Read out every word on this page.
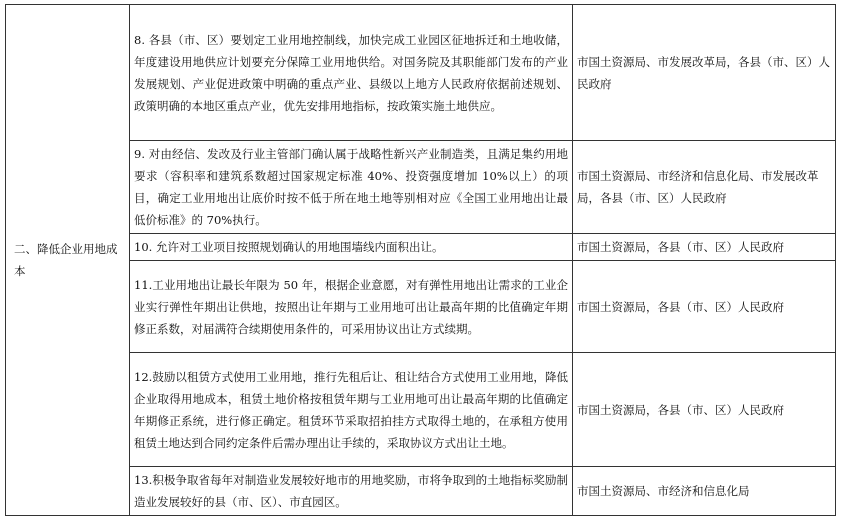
二、降低企业用地成本	8. 各县（市、区）要划定工业用地控制线，加快完成工业园区征地拆迁和土地收储，年度建设用地供应计划要充分保障工业用地供给。对国务院及其职能部门发布的产业发展规划、产业促进政策中明确的重点产业、县级以上地方人民政府依据前述规划、政策明确的本地区重点产业，优先安排用地指标，按政策实施土地供应。	市国土资源局、市发展改革局，各县（市、区）人民政府

	9. 对由经信、发改及行业主管部门确认属于战略性新兴产业制造类，且满足集约用地要求（容积率和建筑系数超过国家规定标准 40%、投资强度增加 10%以上）的项目，确定工业用地出让底价时按不低于所在地土地等别相对应《全国工业用地出让最低价标准》的 70%执行。	市国土资源局、市经济和信息化局、市发展改革局，各县（市、区）人民政府

	10. 允许对工业项目按照规划确认的用地围墙线内面积出让。	市国土资源局，各县（市、区）人民政府

	11.工业用地出让最长年限为 50 年，根据企业意愿，对有弹性用地出让需求的工业企业实行弹性年期出让供地，按照出让年期与工业用地可出让最高年期的比值确定年期修正系数，对届满符合续期使用条件的，可采用协议出让方式续期。	市国土资源局，各县（市、区）人民政府

	12.鼓励以租赁方式使用工业用地，推行先租后让、租让结合方式使用工业用地，降低企业取得用地成本，租赁土地价格按租赁年期与工业用地可出让最高年期的比值确定年期修正系统，进行修正确定。租赁环节采取招拍挂方式取得土地的，在承租方使用租赁土地达到合同约定条件后需办理出让手续的，采取协议方式出让土地。	市国土资源局，各县（市、区）人民政府

	13.积极争取省每年对制造业发展较好地市的用地奖励，市将争取到的土地指标奖励制造业发展较好的县（市、区）、市直园区。	市国土资源局、市经济和信息化局
